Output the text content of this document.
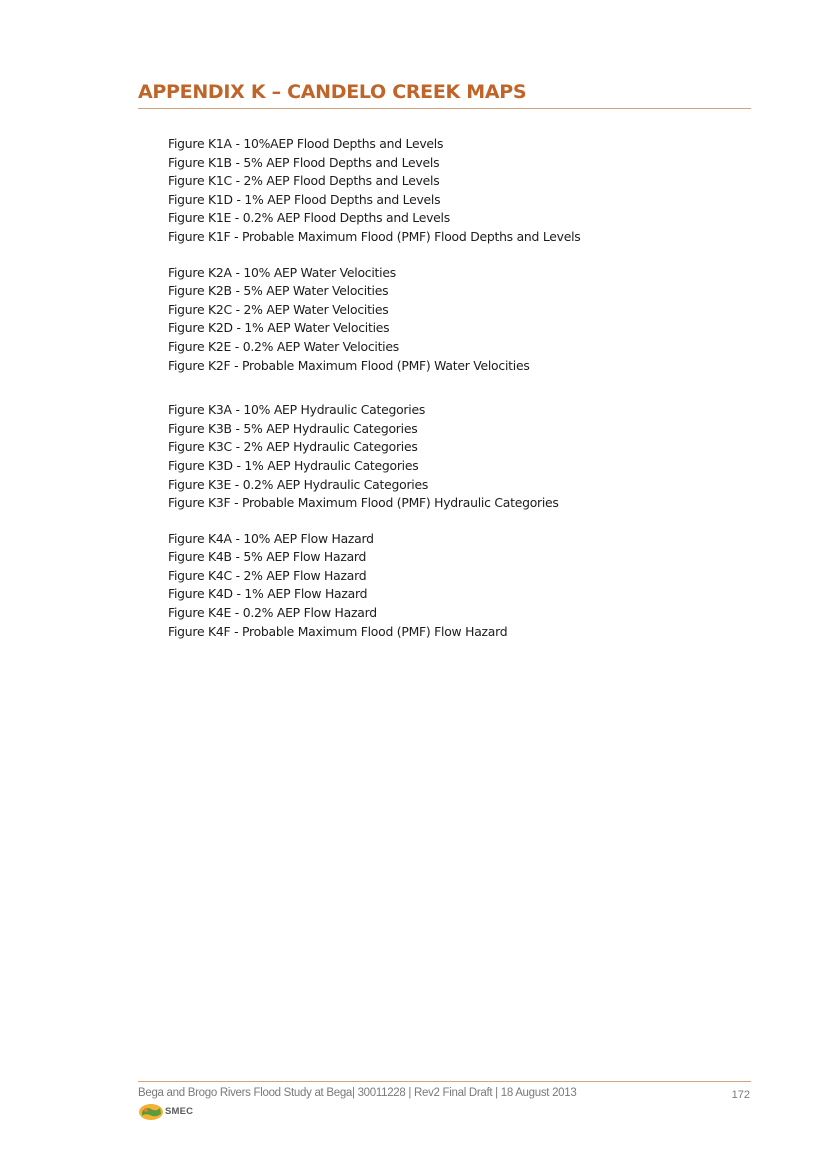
APPENDIX K – CANDELO CREEK MAPS
Figure K1A - 10%AEP Flood Depths and Levels
Figure K1B - 5% AEP Flood Depths and Levels
Figure K1C - 2% AEP Flood Depths and Levels
Figure K1D - 1% AEP Flood Depths and Levels
Figure K1E - 0.2% AEP Flood Depths and Levels
Figure K1F - Probable Maximum Flood (PMF) Flood Depths and Levels
Figure K2A - 10% AEP Water Velocities
Figure K2B - 5% AEP Water Velocities
Figure K2C - 2% AEP Water Velocities
Figure K2D - 1% AEP Water Velocities
Figure K2E - 0.2% AEP Water Velocities
Figure K2F - Probable Maximum Flood (PMF) Water Velocities
Figure K3A - 10% AEP Hydraulic Categories
Figure K3B - 5% AEP Hydraulic Categories
Figure K3C - 2% AEP Hydraulic Categories
Figure K3D - 1% AEP Hydraulic Categories
Figure K3E - 0.2% AEP Hydraulic Categories
Figure K3F - Probable Maximum Flood (PMF) Hydraulic Categories
Figure K4A - 10% AEP Flow Hazard
Figure K4B - 5% AEP Flow Hazard
Figure K4C - 2% AEP Flow Hazard
Figure K4D - 1% AEP Flow Hazard
Figure K4E - 0.2% AEP Flow Hazard
Figure K4F - Probable Maximum Flood (PMF) Flow Hazard
Bega and Brogo Rivers Flood Study at Bega| 30011228 | Rev2 Final Draft | 18 August 2013	172
SMEC
